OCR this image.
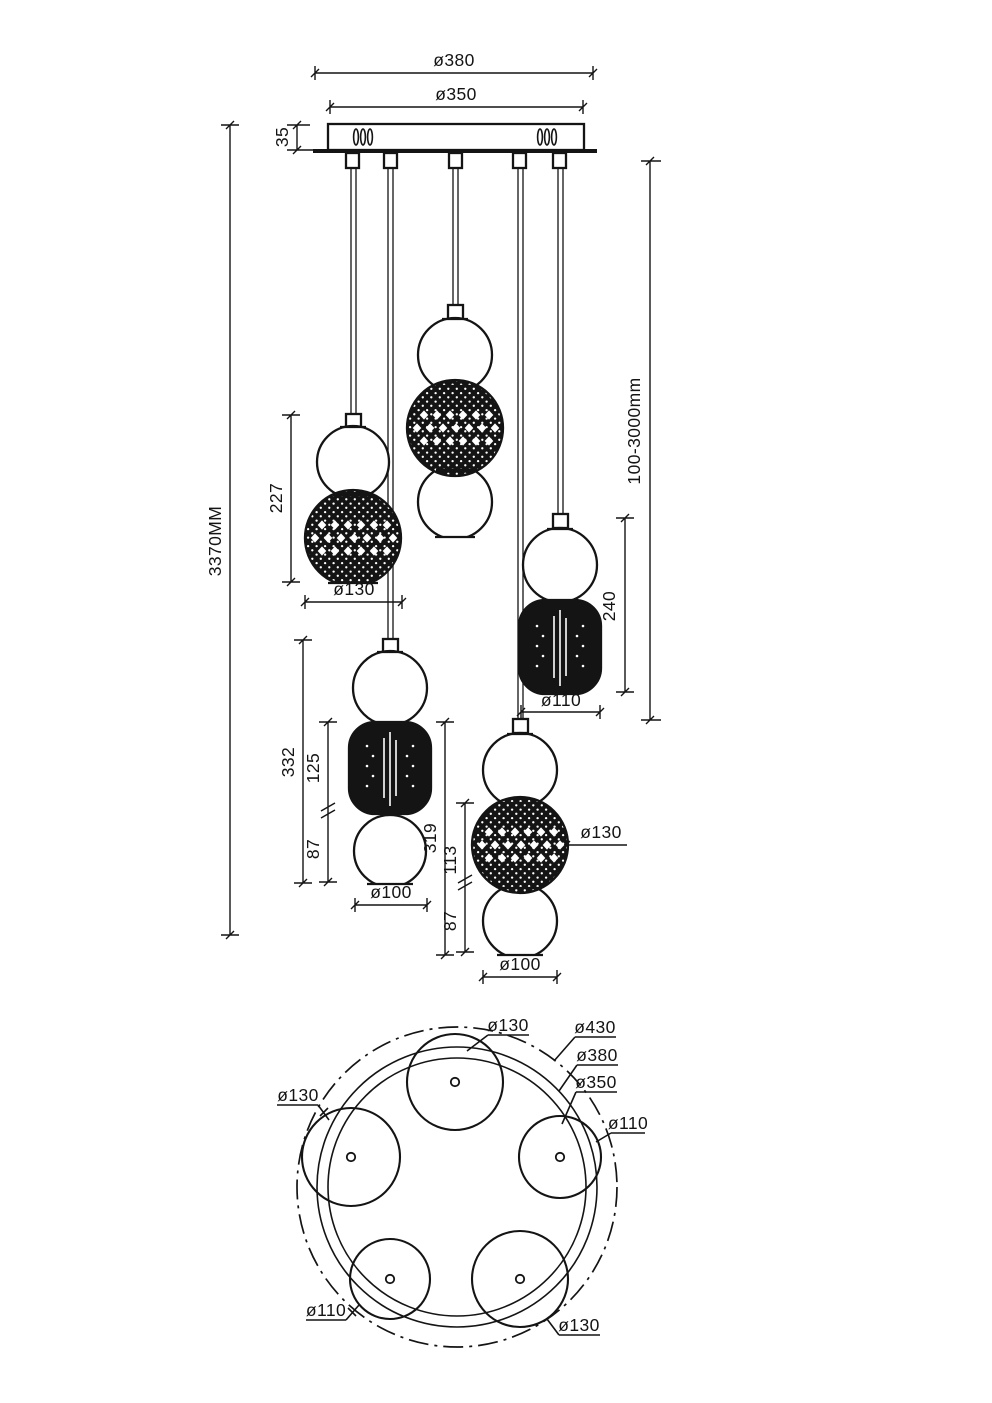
ø380
ø350
35
3370MM
100-3000mm
227
ø130
240
ø110
332 125
87
ø100
319
113
87
ø130
ø100
ø130	ø430
ø380
ø350
ø110
ø130
ø110
ø130
